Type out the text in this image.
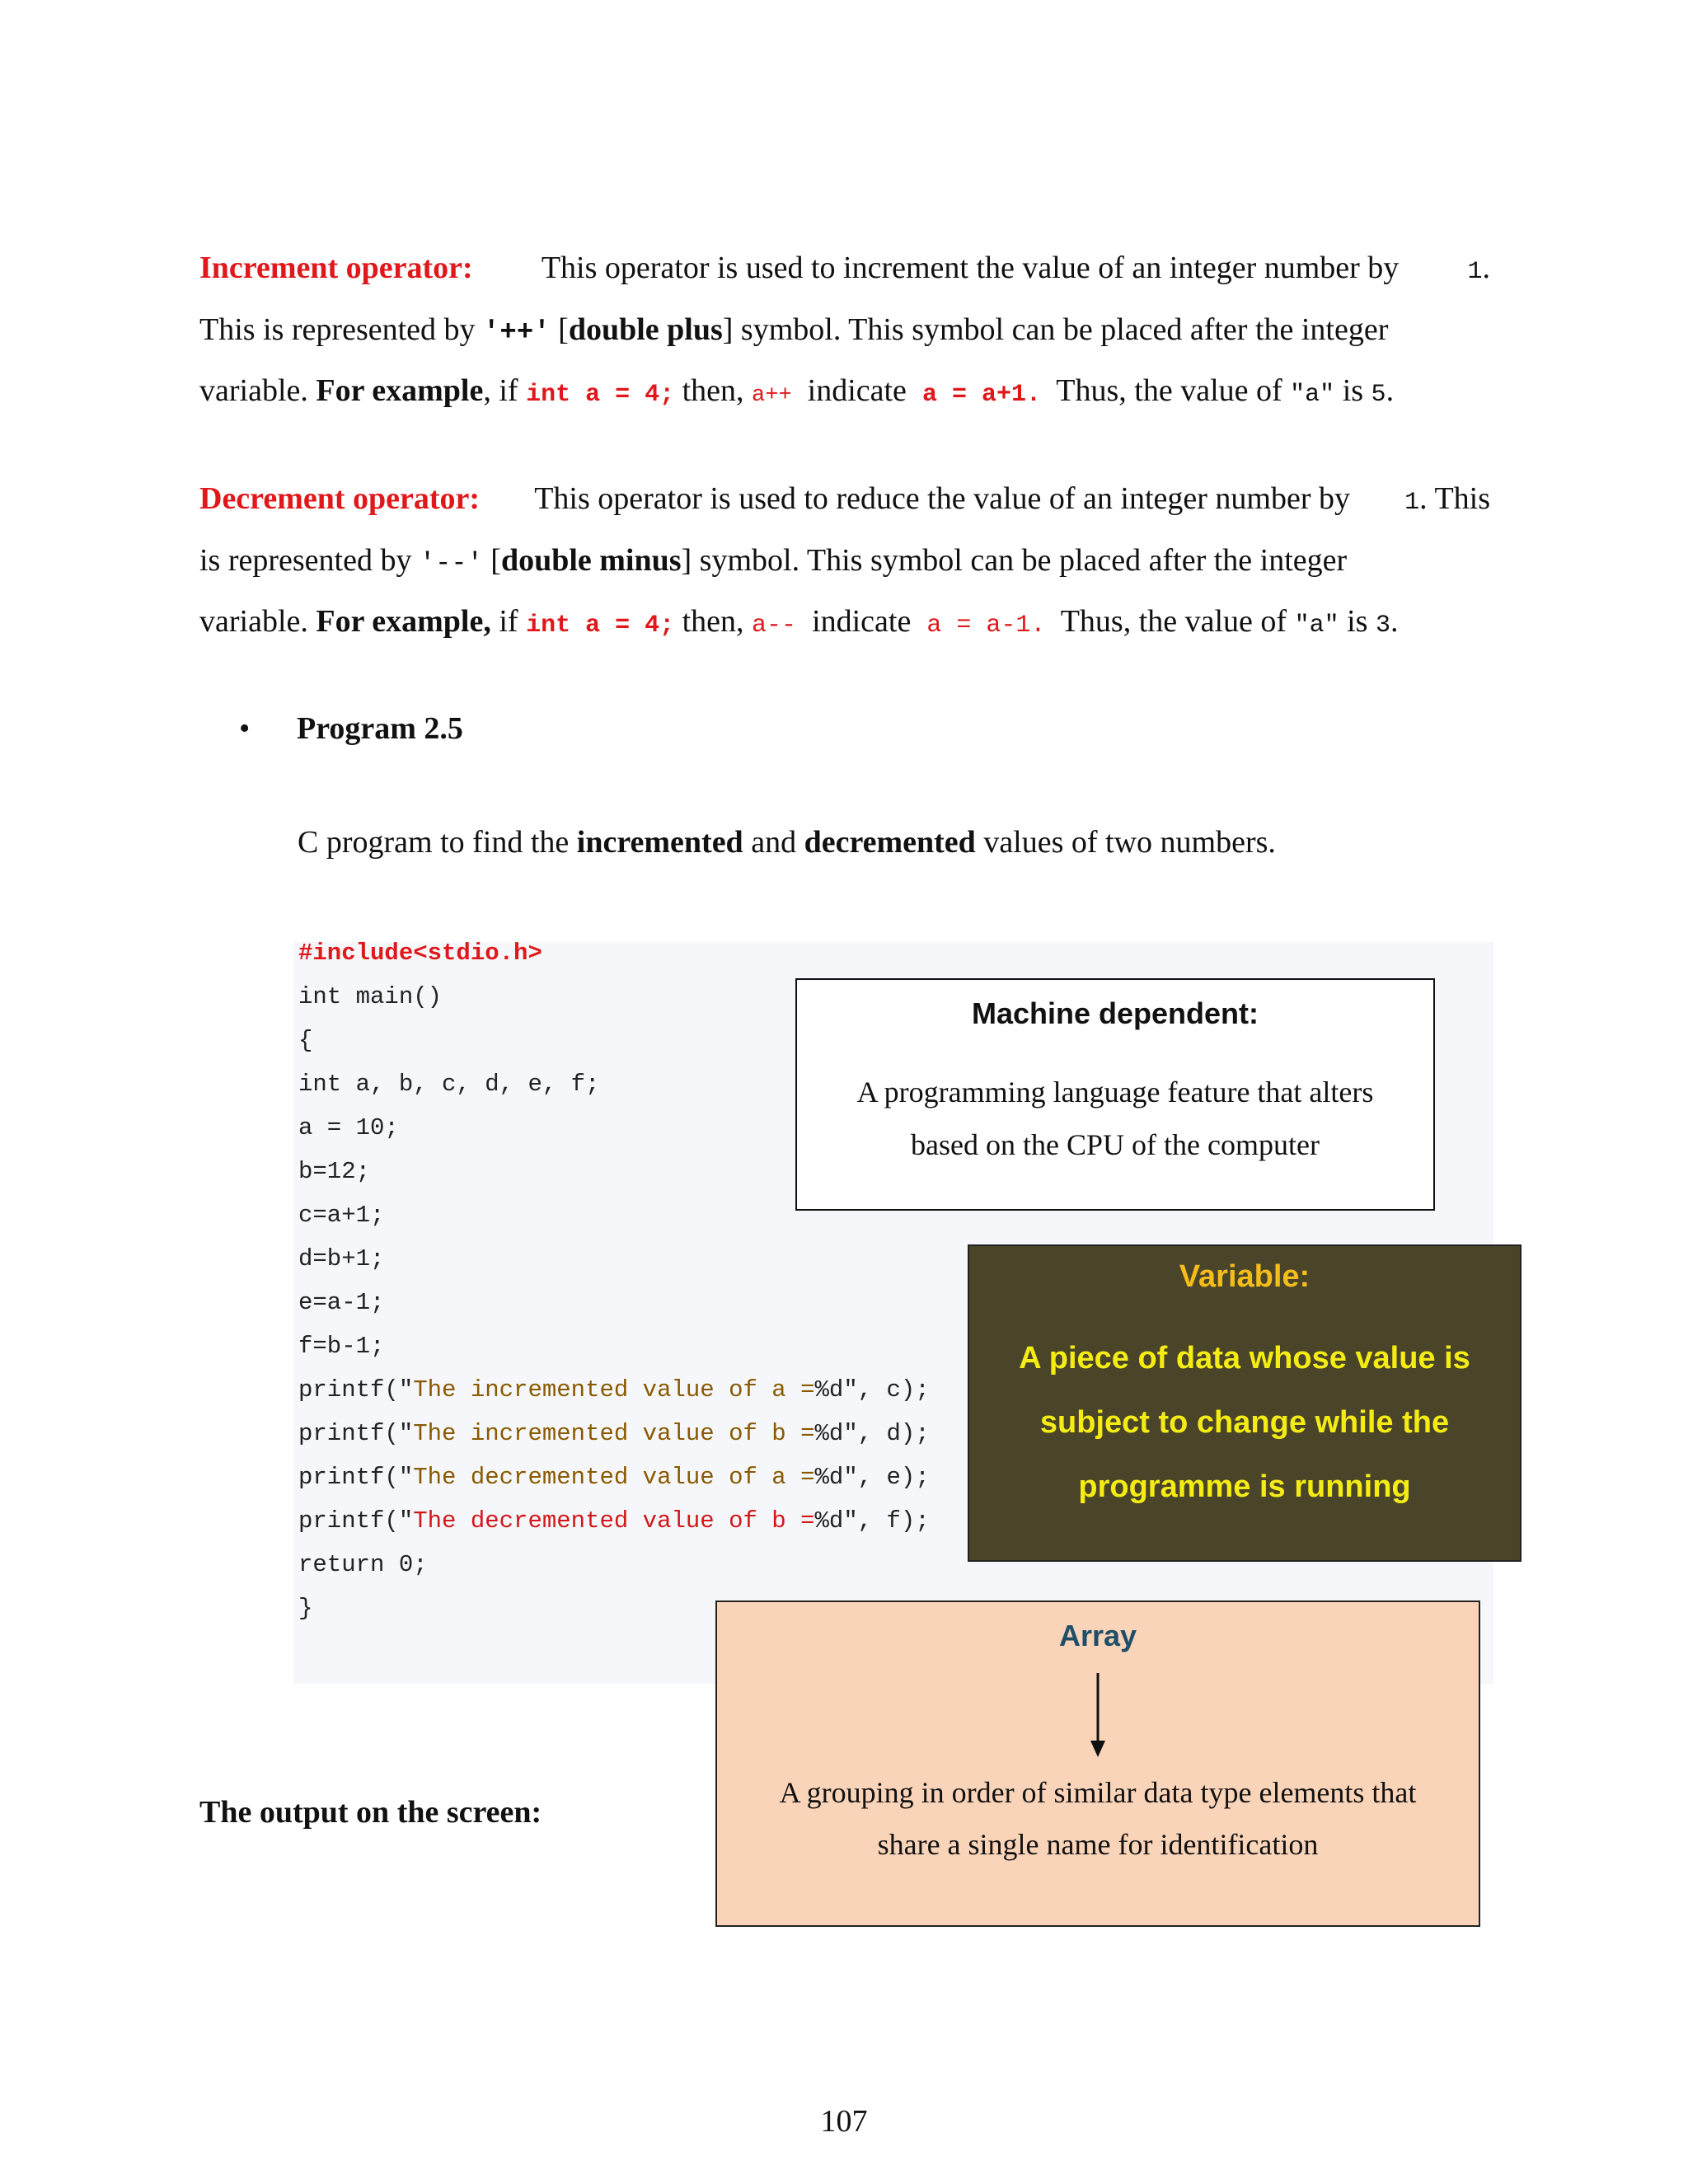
Increment operator: This operator is used to increment the value of an integer number by	1.
This is represented by '++' [double plus] symbol. This symbol can be placed after the integer
variable. For example, if int a = 4; then, a++ indicate a = a+1. Thus, the value of "a" is 5.
Decrement operator: This operator is used to reduce the value of an integer number by 1. This
is represented by '--' [double minus] symbol. This symbol can be placed after the integer
variable. For example, if int a = 4; then, a-- indicate a = a-1. Thus, the value of "a" is 3.
• Program 2.5
C program to find the incremented and decremented values of two numbers.
#include<stdio.h>
int main()
{
int a, b, c, d, e, f;
a = 10;
b=12;
c=a+1;
d=b+1;
e=a-1;
f=b-1;
printf("The incremented value of a =%d", c);
printf("The incremented value of b =%d", d);
printf("The decremented value of a =%d", e);
printf("The decremented value of b =%d", f);
return 0;
}
Machine dependent:
A programming language feature that alters
based on the CPU of the computer
Variable:
A piece of data whose value is
subject to change while the
programme is running
Array
A grouping in order of similar data type elements that
share a single name for identification
The output on the screen:
107
